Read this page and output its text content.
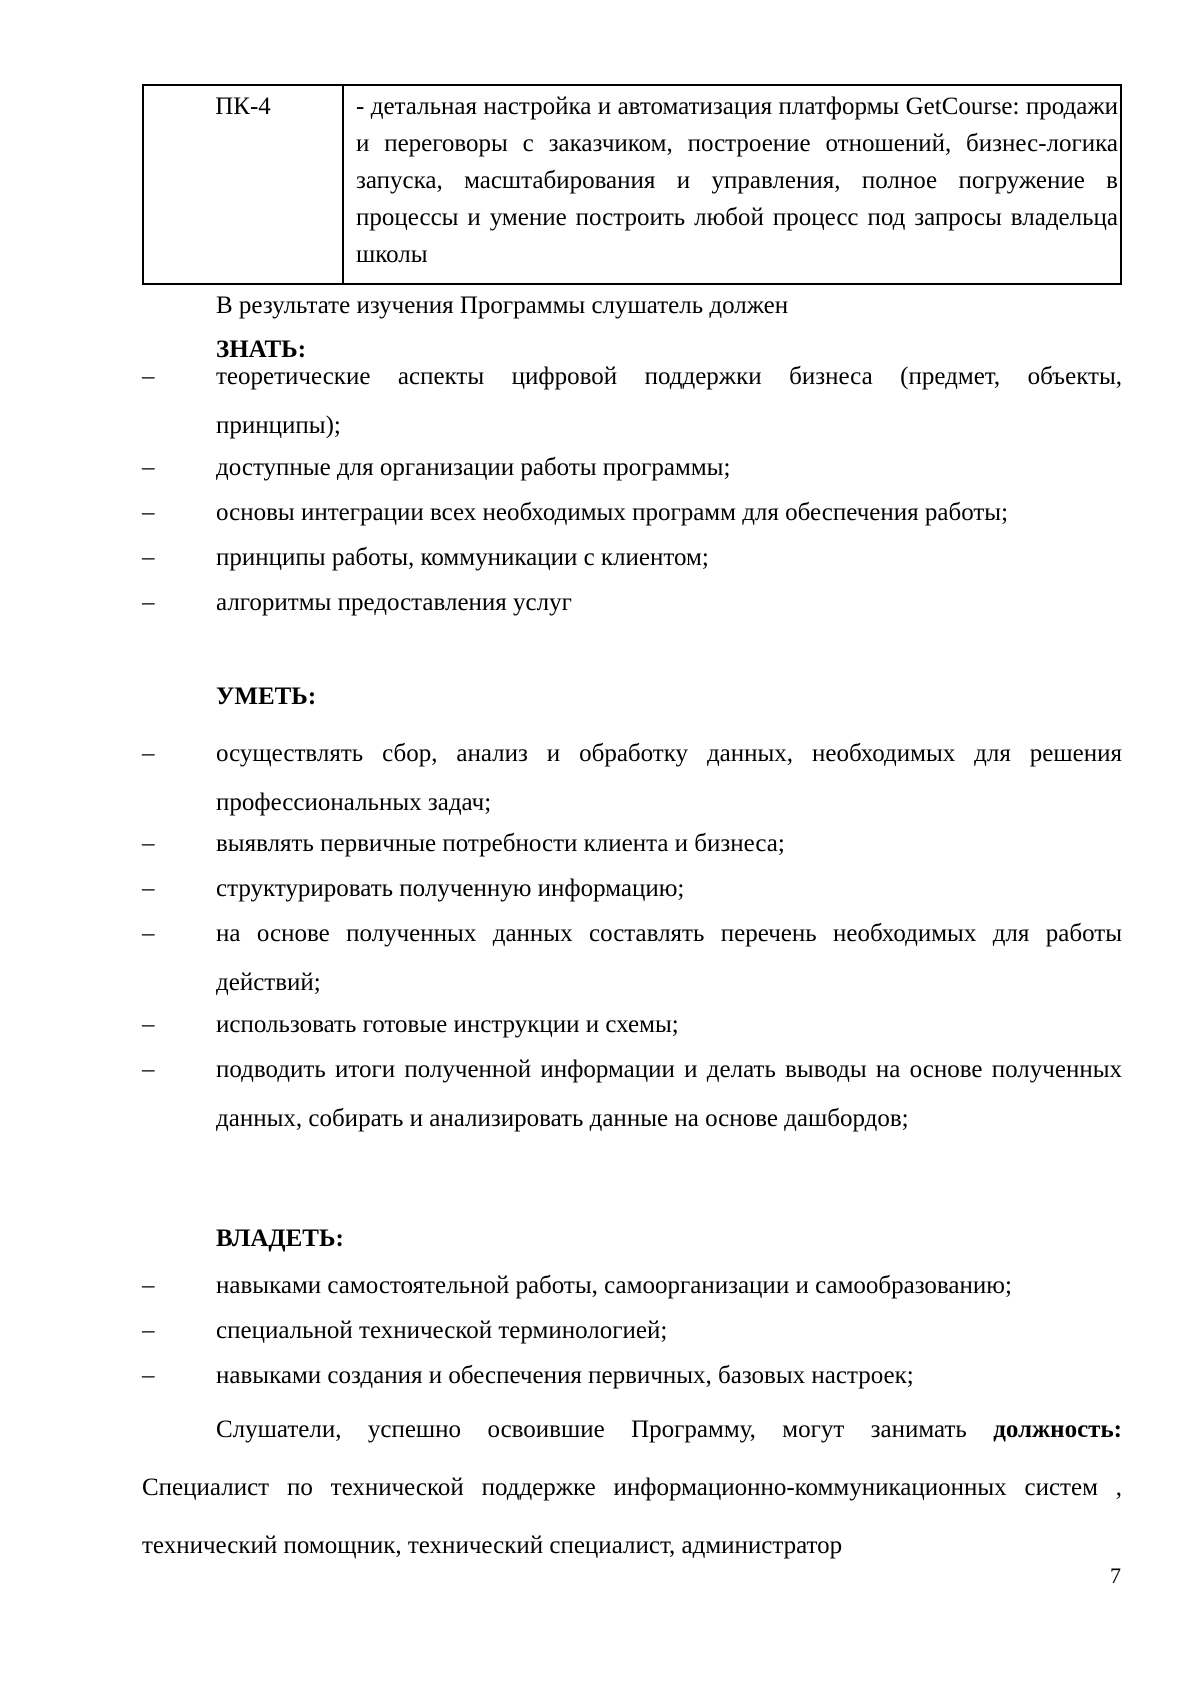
ПК-4	- детальная настройка и автоматизация платформы GetCourse: продажи и переговоры с заказчиком, построение отношений, бизнес-логика запуска, масштабирования и управления, полное погружение в процессы и умение построить любой процесс под запросы владельца школы
В результате изучения Программы слушатель должен
ЗНАТЬ:
–	теоретические аспекты цифровой поддержки бизнеса (предмет, объекты, принципы);
–	доступные для организации работы программы;
–	основы интеграции всех необходимых программ для обеспечения работы;
–	принципы работы, коммуникации с клиентом;
–	алгоритмы предоставления услуг
УМЕТЬ:
–	осуществлять сбор, анализ и обработку данных, необходимых для решения профессиональных задач;
–	выявлять первичные потребности клиента и бизнеса;
–	структурировать полученную информацию;
–	на основе полученных данных составлять перечень необходимых для работы действий;
–	использовать готовые инструкции и схемы;
–	подводить итоги полученной информации и делать выводы на основе полученных данных, собирать и анализировать данные на основе дашбордов;
ВЛАДЕТЬ:
–	навыками самостоятельной работы, самоорганизации и самообразованию;
–	специальной технической терминологией;
–	навыками создания и обеспечения первичных, базовых настроек;
Слушатели, успешно освоившие Программу, могут занимать должность: Специалист по технической поддержке информационно-коммуникационных систем , технический помощник, технический специалист, администратор
7
